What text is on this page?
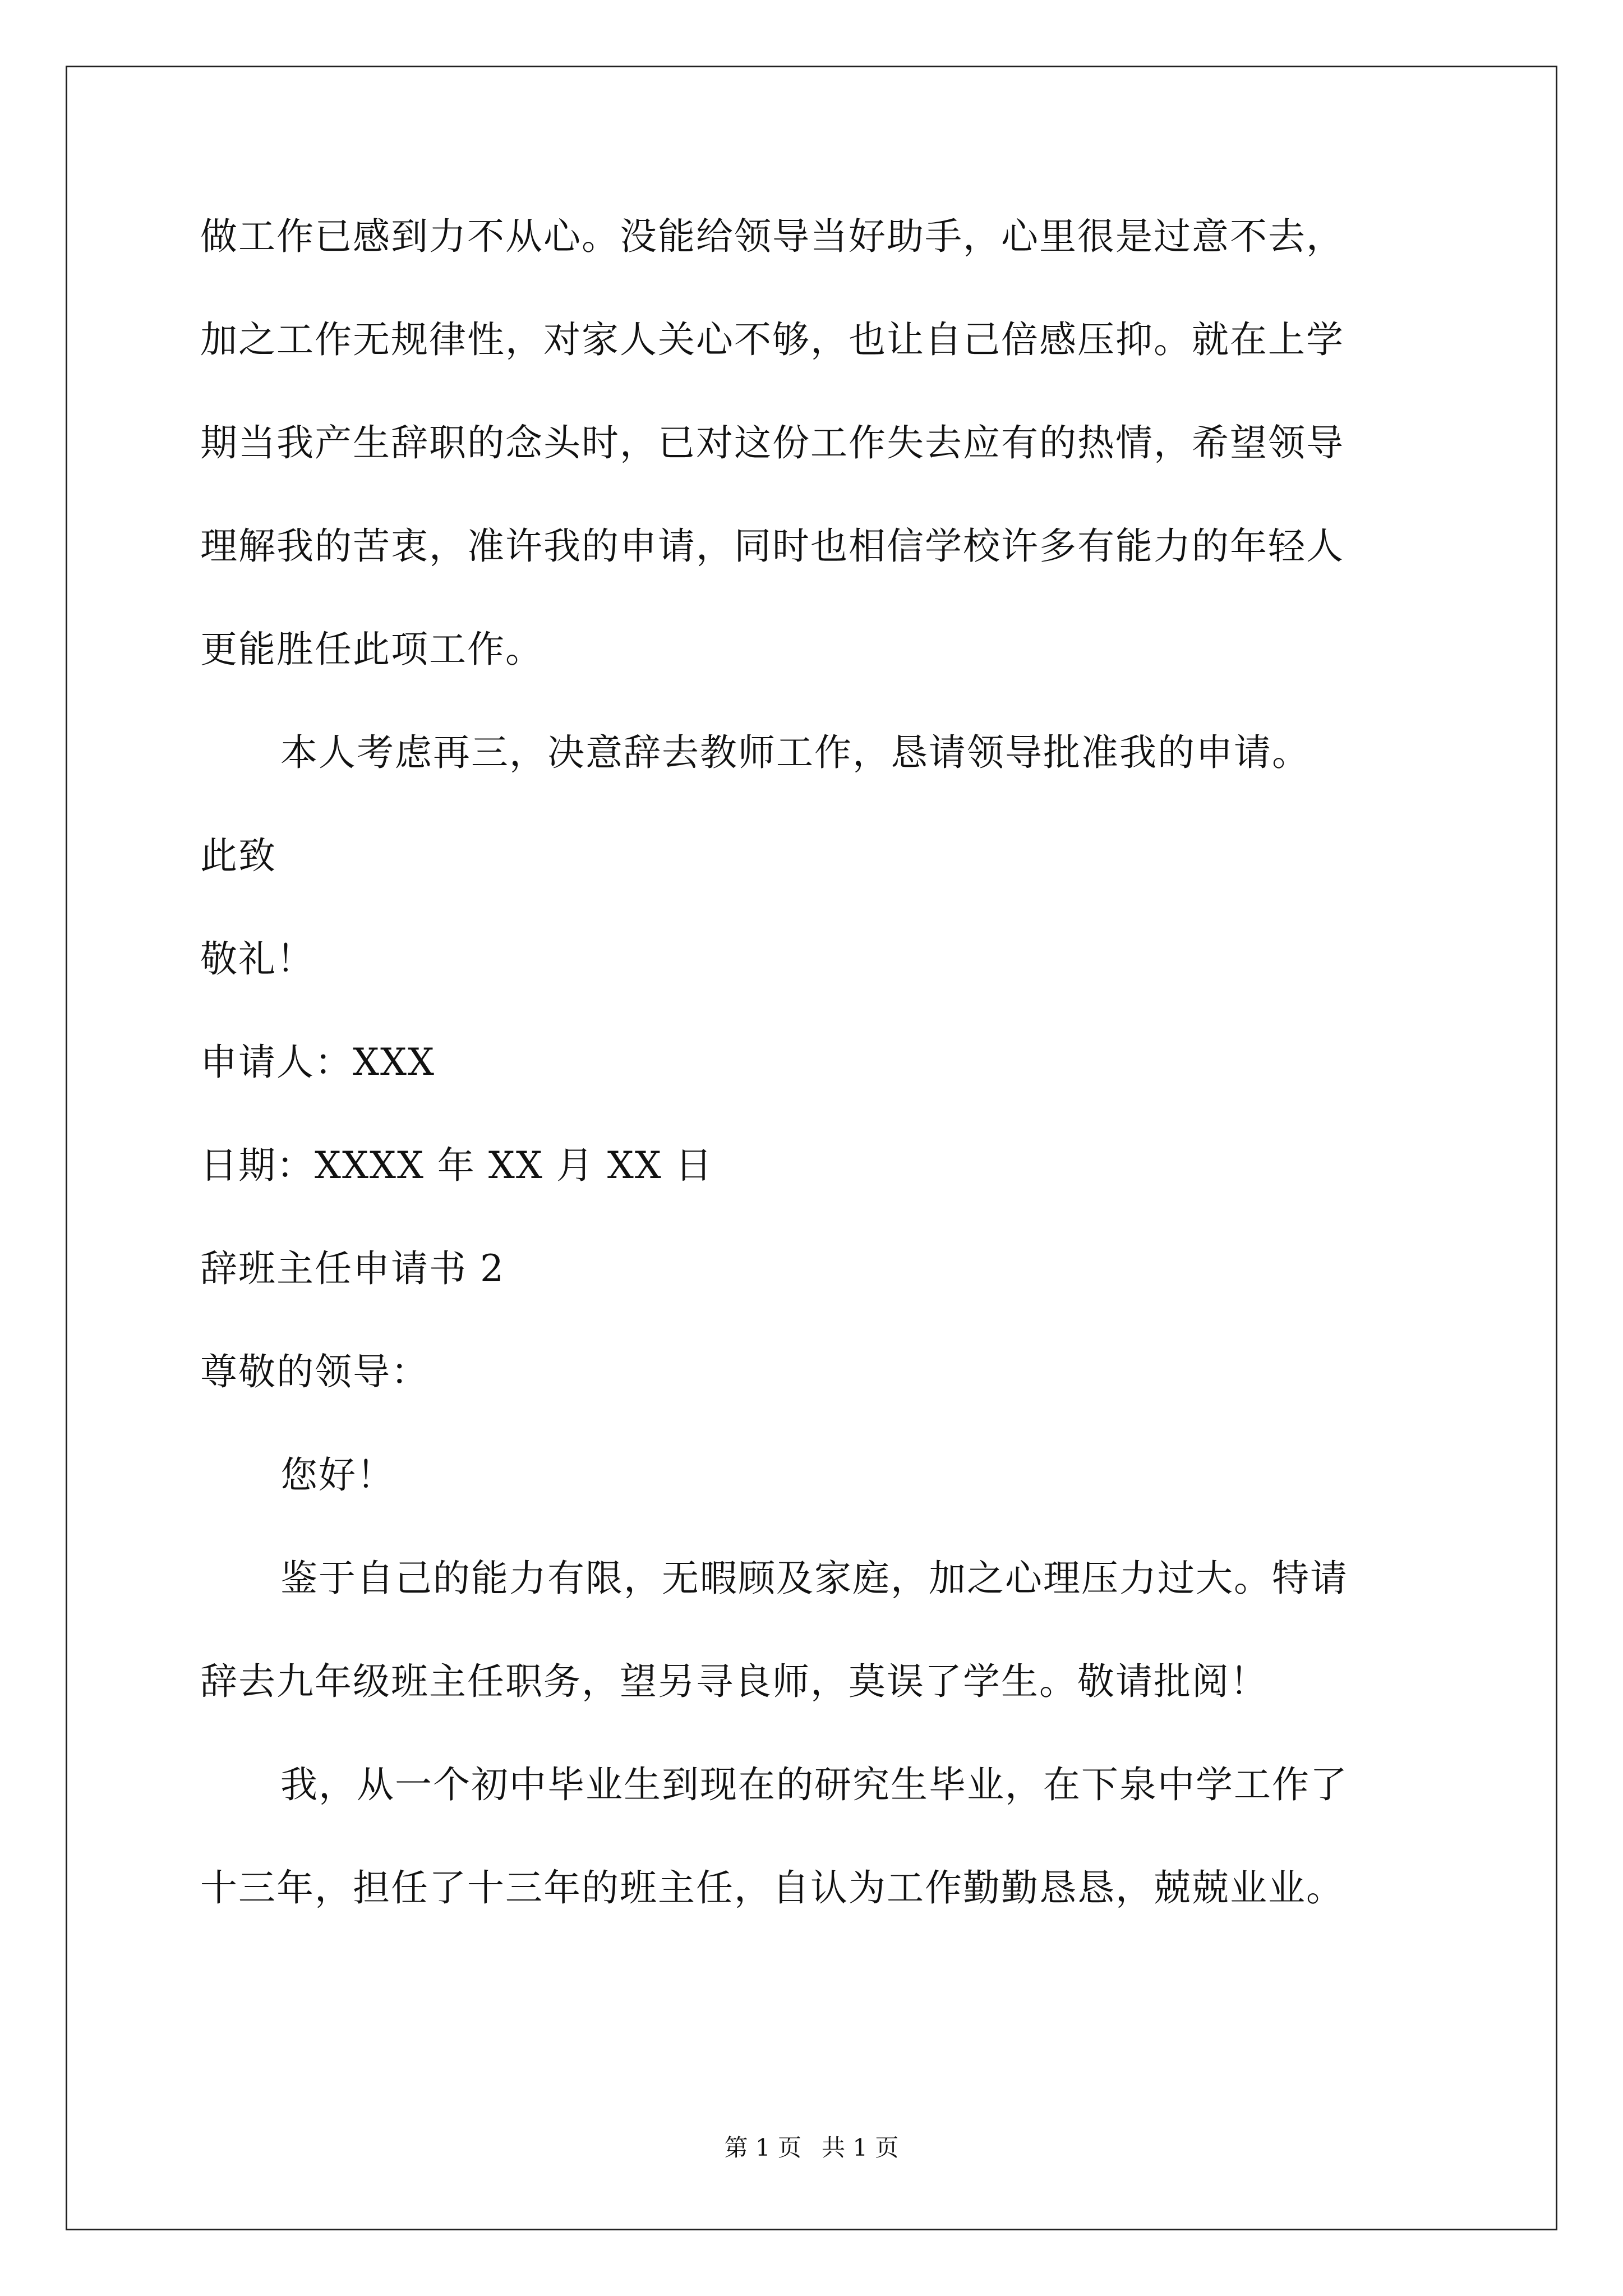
做工作已感到力不从心。没能给领导当好助手，心里很是过意不去，
加之工作无规律性，对家人关心不够，也让自己倍感压抑。就在上学
期当我产生辞职的念头时，已对这份工作失去应有的热情，希望领导
理解我的苦衷，准许我的申请，同时也相信学校许多有能力的年轻人
更能胜任此项工作。
本人考虑再三，决意辞去教师工作，恳请领导批准我的申请。
此致
敬礼！
申请人：XXX
日期：XXXX 年 XX 月 XX 日
辞班主任申请书 2
尊敬的领导：
您好！
鉴于自己的能力有限，无暇顾及家庭，加之心理压力过大。特请
辞去九年级班主任职务，望另寻良师，莫误了学生。敬请批阅！
我，从一个初中毕业生到现在的研究生毕业，在下泉中学工作了
十三年，担任了十三年的班主任，自认为工作勤勤恳恳，兢兢业业。
第 1 页 共 1 页
